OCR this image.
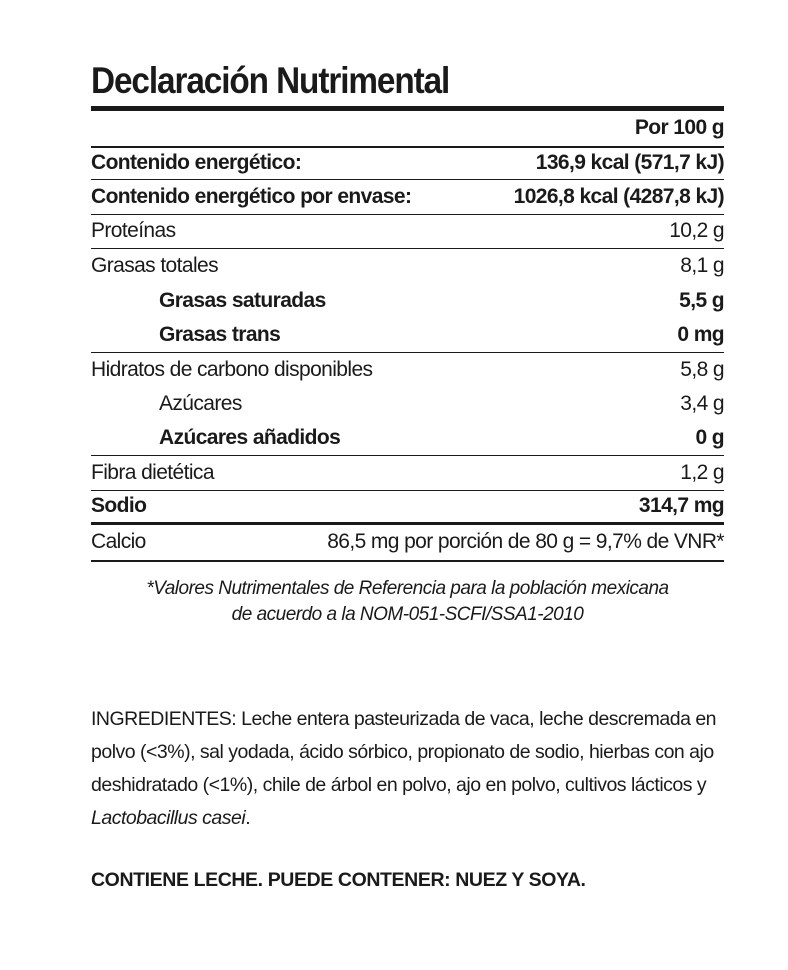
Declaración Nutrimental
Por 100 g
Contenido energético:	136,9 kcal (571,7 kJ)
Contenido energético por envase:	1026,8 kcal (4287,8 kJ)
Proteínas	10,2 g
Grasas totales	8,1 g
Grasas saturadas	5,5 g
Grasas trans	0 mg
Hidratos de carbono disponibles	5,8 g
Azúcares	3,4 g
Azúcares añadidos	0 g
Fibra dietética	1,2 g
Sodio	314,7 mg
Calcio	86,5 mg por porción de 80 g = 9,7% de VNR*
*Valores Nutrimentales de Referencia para la población mexicana
de acuerdo a la NOM-051-SCFI/SSA1-2010
INGREDIENTES: Leche entera pasteurizada de vaca, leche descremada en polvo (<3%), sal yodada, ácido sórbico, propionato de sodio, hierbas con ajo deshidratado (<1%), chile de árbol en polvo, ajo en polvo, cultivos lácticos y Lactobacillus casei.
CONTIENE LECHE. PUEDE CONTENER: NUEZ Y SOYA.
